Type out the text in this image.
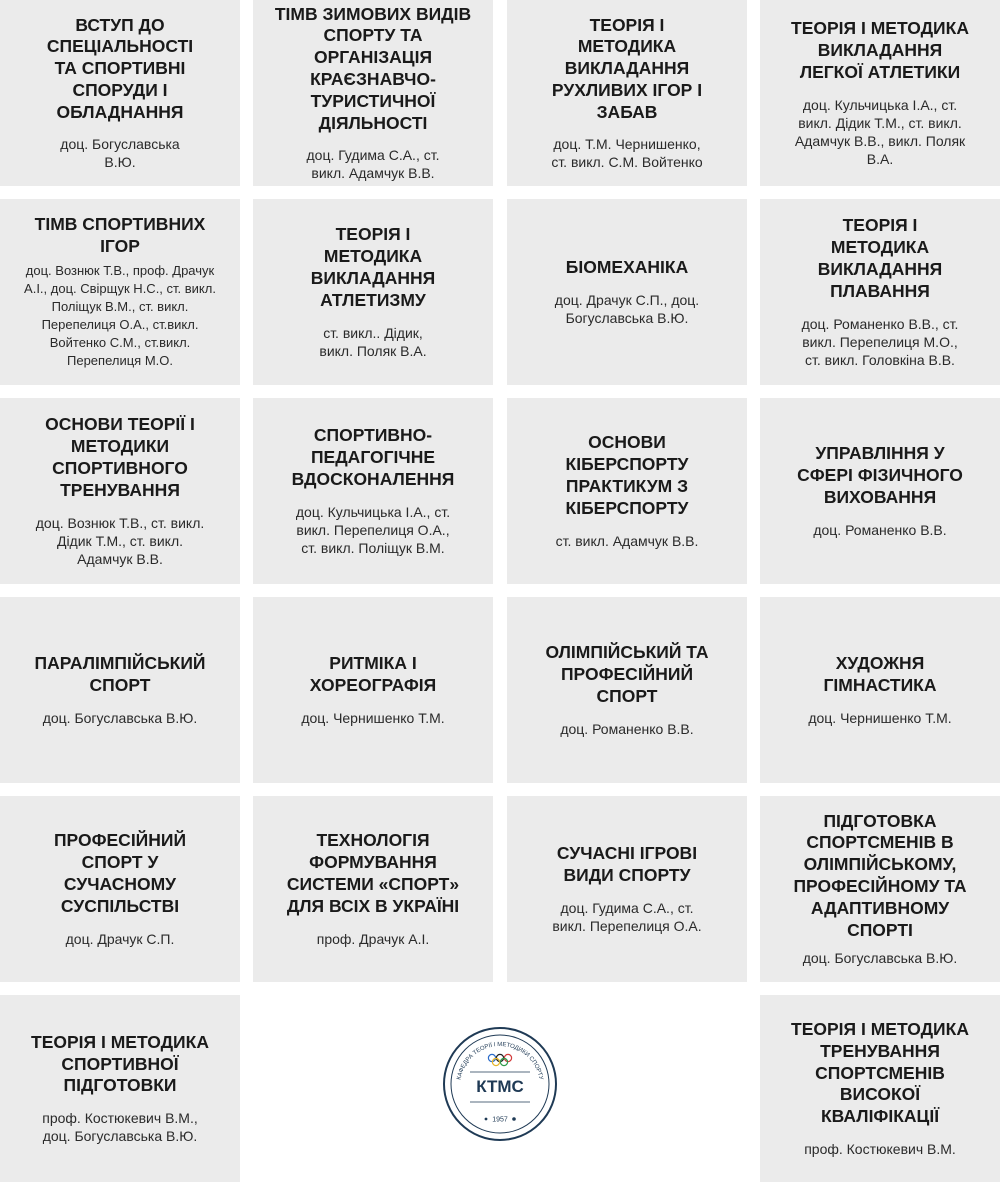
ВСТУП ДО
СПЕЦІАЛЬНОСТІ
ТА СПОРТИВНІ
СПОРУДИ І
ОБЛАДНАННЯ
доц. Богуславська
В.Ю.
ТІМВ ЗИМОВИХ ВИДІВ
СПОРТУ ТА ОРГАНІЗАЦІЯ
КРАЄЗНАВЧО-
ТУРИСТИЧНОЇ
ДІЯЛЬНОСТІ
доц. Гудима С.А., ст.
викл. Адамчук В.В.
ТЕОРІЯ І
МЕТОДИКА
ВИКЛАДАННЯ
РУХЛИВИХ ІГОР І
ЗАБАВ
доц. Т.М. Чернишенко,
ст. викл. С.М. Войтенко
ТЕОРІЯ І МЕТОДИКА
ВИКЛАДАННЯ
ЛЕГКОЇ АТЛЕТИКИ
доц. Кульчицька І.А., ст.
викл. Дідик Т.М., ст. викл.
Адамчук В.В., викл. Поляк
В.А.
ТІМВ СПОРТИВНИХ
ІГОР
доц. Вознюк Т.В., проф. Драчук
А.І., доц. Свірщук Н.С., ст. викл.
Поліщук В.М., ст. викл.
Перепелиця О.А., ст.викл.
Войтенко С.М., ст.викл.
Перепелиця М.О.
ТЕОРІЯ І
МЕТОДИКА
ВИКЛАДАННЯ
АТЛЕТИЗМУ
ст. викл.. Дідик,
викл. Поляк В.А.
БІОМЕХАНІКА
доц. Драчук С.П., доц.
Богуславська В.Ю.
ТЕОРІЯ І
МЕТОДИКА
ВИКЛАДАННЯ
ПЛАВАННЯ
доц. Романенко В.В., ст.
викл. Перепелиця М.О.,
ст. викл. Головкіна В.В.
ОСНОВИ ТЕОРІЇ І
МЕТОДИКИ
СПОРТИВНОГО
ТРЕНУВАННЯ
доц. Вознюк Т.В., ст. викл.
Дідик Т.М., ст. викл.
Адамчук В.В.
СПОРТИВНО-
ПЕДАГОГІЧНЕ
ВДОСКОНАЛЕННЯ
доц. Кульчицька І.А., ст.
викл. Перепелиця О.А.,
ст. викл. Поліщук В.М.
ОСНОВИ
КІБЕРСПОРТУ
ПРАКТИКУМ З
КІБЕРСПОРТУ
ст. викл. Адамчук В.В.
УПРАВЛІННЯ У
СФЕРІ ФІЗИЧНОГО
ВИХОВАННЯ
доц. Романенко В.В.
ПАРАЛІМПІЙСЬКИЙ
СПОРТ
доц. Богуславська В.Ю.
РИТМІКА І
ХОРЕОГРАФІЯ
доц. Чернишенко Т.М.
ОЛІМПІЙСЬКИЙ ТА
ПРОФЕСІЙНИЙ
СПОРТ
доц. Романенко В.В.
ХУДОЖНЯ
ГІМНАСТИКА
доц. Чернишенко Т.М.
ПРОФЕСІЙНИЙ
СПОРТ У
СУЧАСНОМУ
СУСПІЛЬСТВІ
доц. Драчук С.П.
ТЕХНОЛОГІЯ
ФОРМУВАННЯ
СИСТЕМИ «СПОРТ»
ДЛЯ ВСІХ В УКРАЇНІ
проф. Драчук А.І.
СУЧАСНІ ІГРОВІ
ВИДИ СПОРТУ
доц. Гудима С.А., ст.
викл. Перепелиця О.А.
ПІДГОТОВКА
СПОРТСМЕНІВ В
ОЛІМПІЙСЬКОМУ,
ПРОФЕСІЙНОМУ ТА
АДАПТИВНОМУ
СПОРТІ
доц. Богуславська В.Ю.
ТЕОРІЯ І МЕТОДИКА
СПОРТИВНОЇ
ПІДГОТОВКИ
проф. Костюкевич В.М.,
доц. Богуславська В.Ю.
ТЕОРІЯ І МЕТОДИКА
ТРЕНУВАННЯ
СПОРТСМЕНІВ
ВИСОКОЇ
КВАЛІФІКАЦІЇ
проф. Костюкевич В.М.
КАФЕДРА ТЕОРІЇ І МЕТОДИКИ СПОРТУ
КТМС
1957
